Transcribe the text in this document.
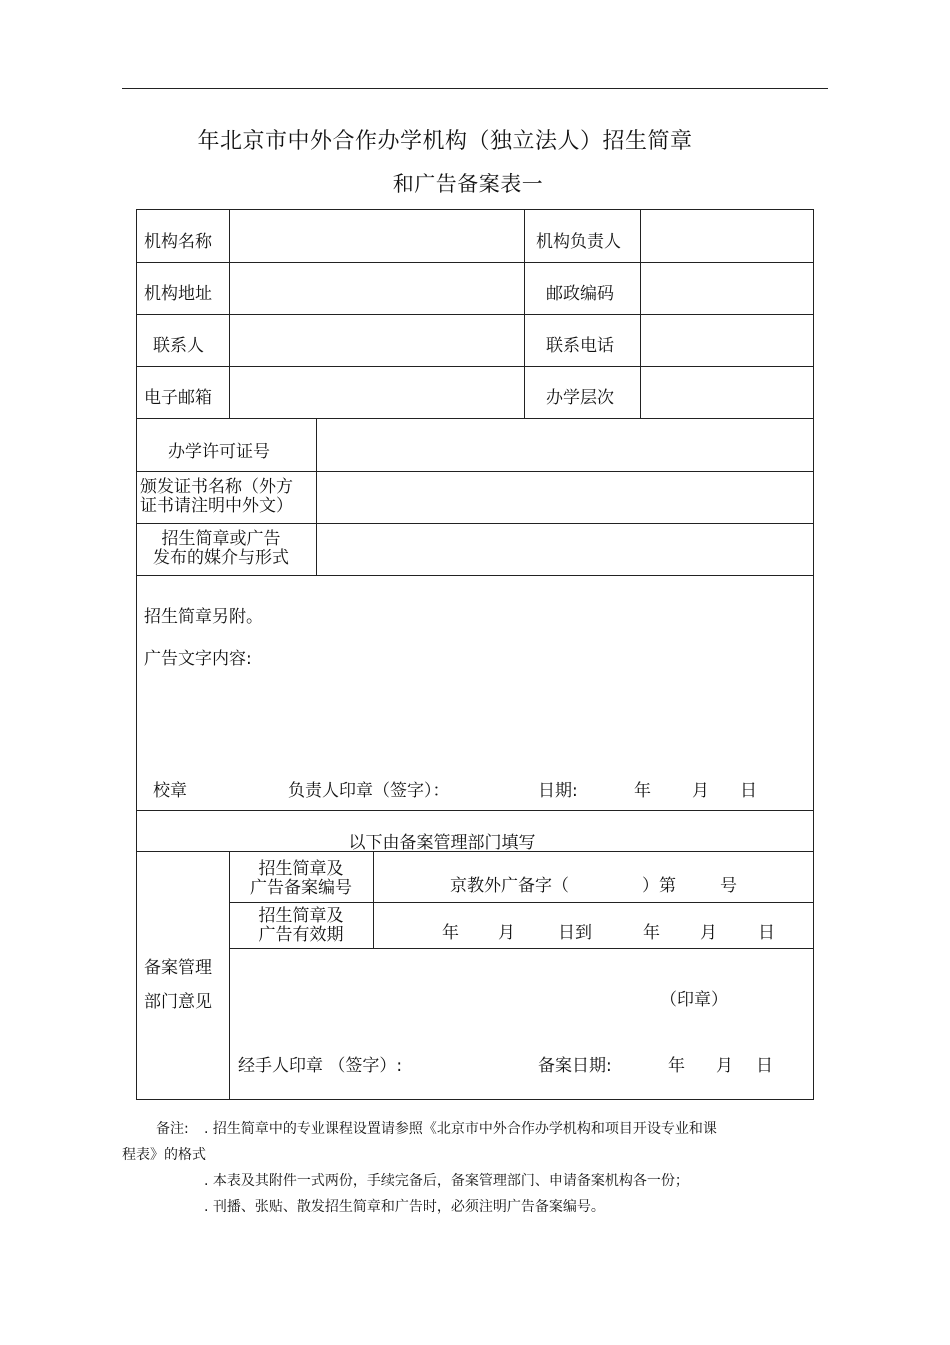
年北京市中外合作办学机构（独立法人）招生简章
和广告备案表一
机构名称	机构负责人
机构地址	邮政编码
联系人	联系电话
电子邮箱	办学层次
办学许可证号
颁发证书名称（外方
证书请注明中外文）
招生简章或广告
发布的媒介与形式
招生简章另附。
广告文字内容:
校章	负责人印章（签字）：	日期:	年 月 日
以下由备案管理部门填写
备案管理
部门意见
招生简章及
广告备案编号	京教外广备字（	）第	号
招生简章及
广告有效期	年 月	日到	年 月 日
（印章）
经手人印章 （签字）:	备案日期:	年 月 日
备注: . 招生简章中的专业课程设置请参照《北京市中外合作办学机构和项目开设专业和课
程表》的格式
. 本表及其附件一式两份，手续完备后，备案管理部门、申请备案机构各一份；
. 刊播、张贴、散发招生简章和广告时，必须注明广告备案编号。
